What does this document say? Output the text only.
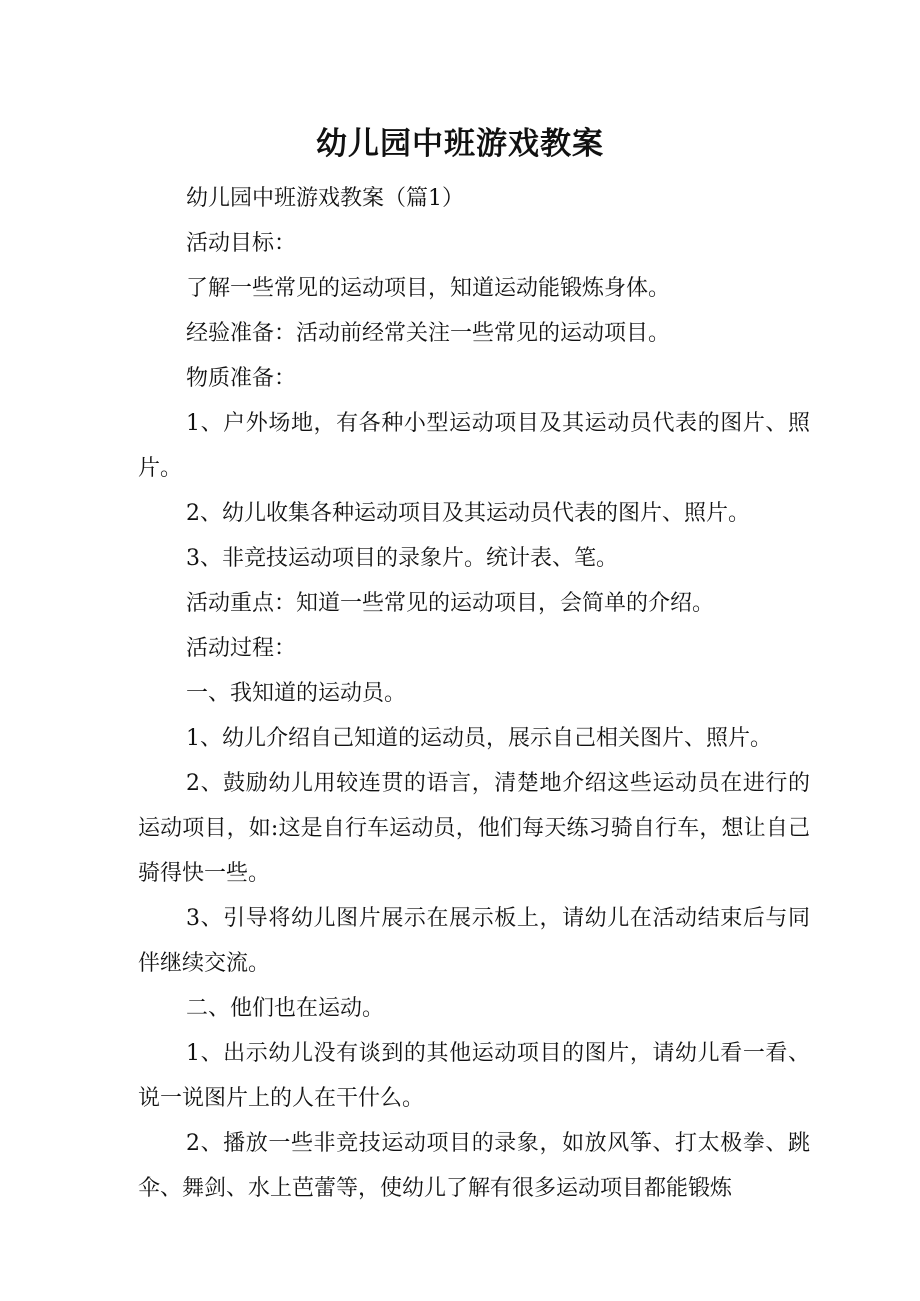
幼儿园中班游戏教案

幼儿园中班游戏教案（篇1）

活动目标：

了解一些常见的运动项目，知道运动能锻炼身体。

经验准备：活动前经常关注一些常见的运动项目。

物质准备：

1、户外场地，有各种小型运动项目及其运动员代表的图片、照片。

2、幼儿收集各种运动项目及其运动员代表的图片、照片。

3、非竞技运动项目的录象片。统计表、笔。

活动重点：知道一些常见的运动项目，会简单的介绍。

活动过程：

一、我知道的运动员。

1、幼儿介绍自己知道的运动员，展示自己相关图片、照片。

2、鼓励幼儿用较连贯的语言，清楚地介绍这些运动员在进行的运动项目，如:这是自行车运动员，他们每天练习骑自行车，想让自己骑得快一些。

3、引导将幼儿图片展示在展示板上，请幼儿在活动结束后与同伴继续交流。

二、他们也在运动。

1、出示幼儿没有谈到的其他运动项目的图片，请幼儿看一看、说一说图片上的人在干什么。

2、播放一些非竞技运动项目的录象，如放风筝、打太极拳、跳伞、舞剑、水上芭蕾等，使幼儿了解有很多运动项目都能锻炼
